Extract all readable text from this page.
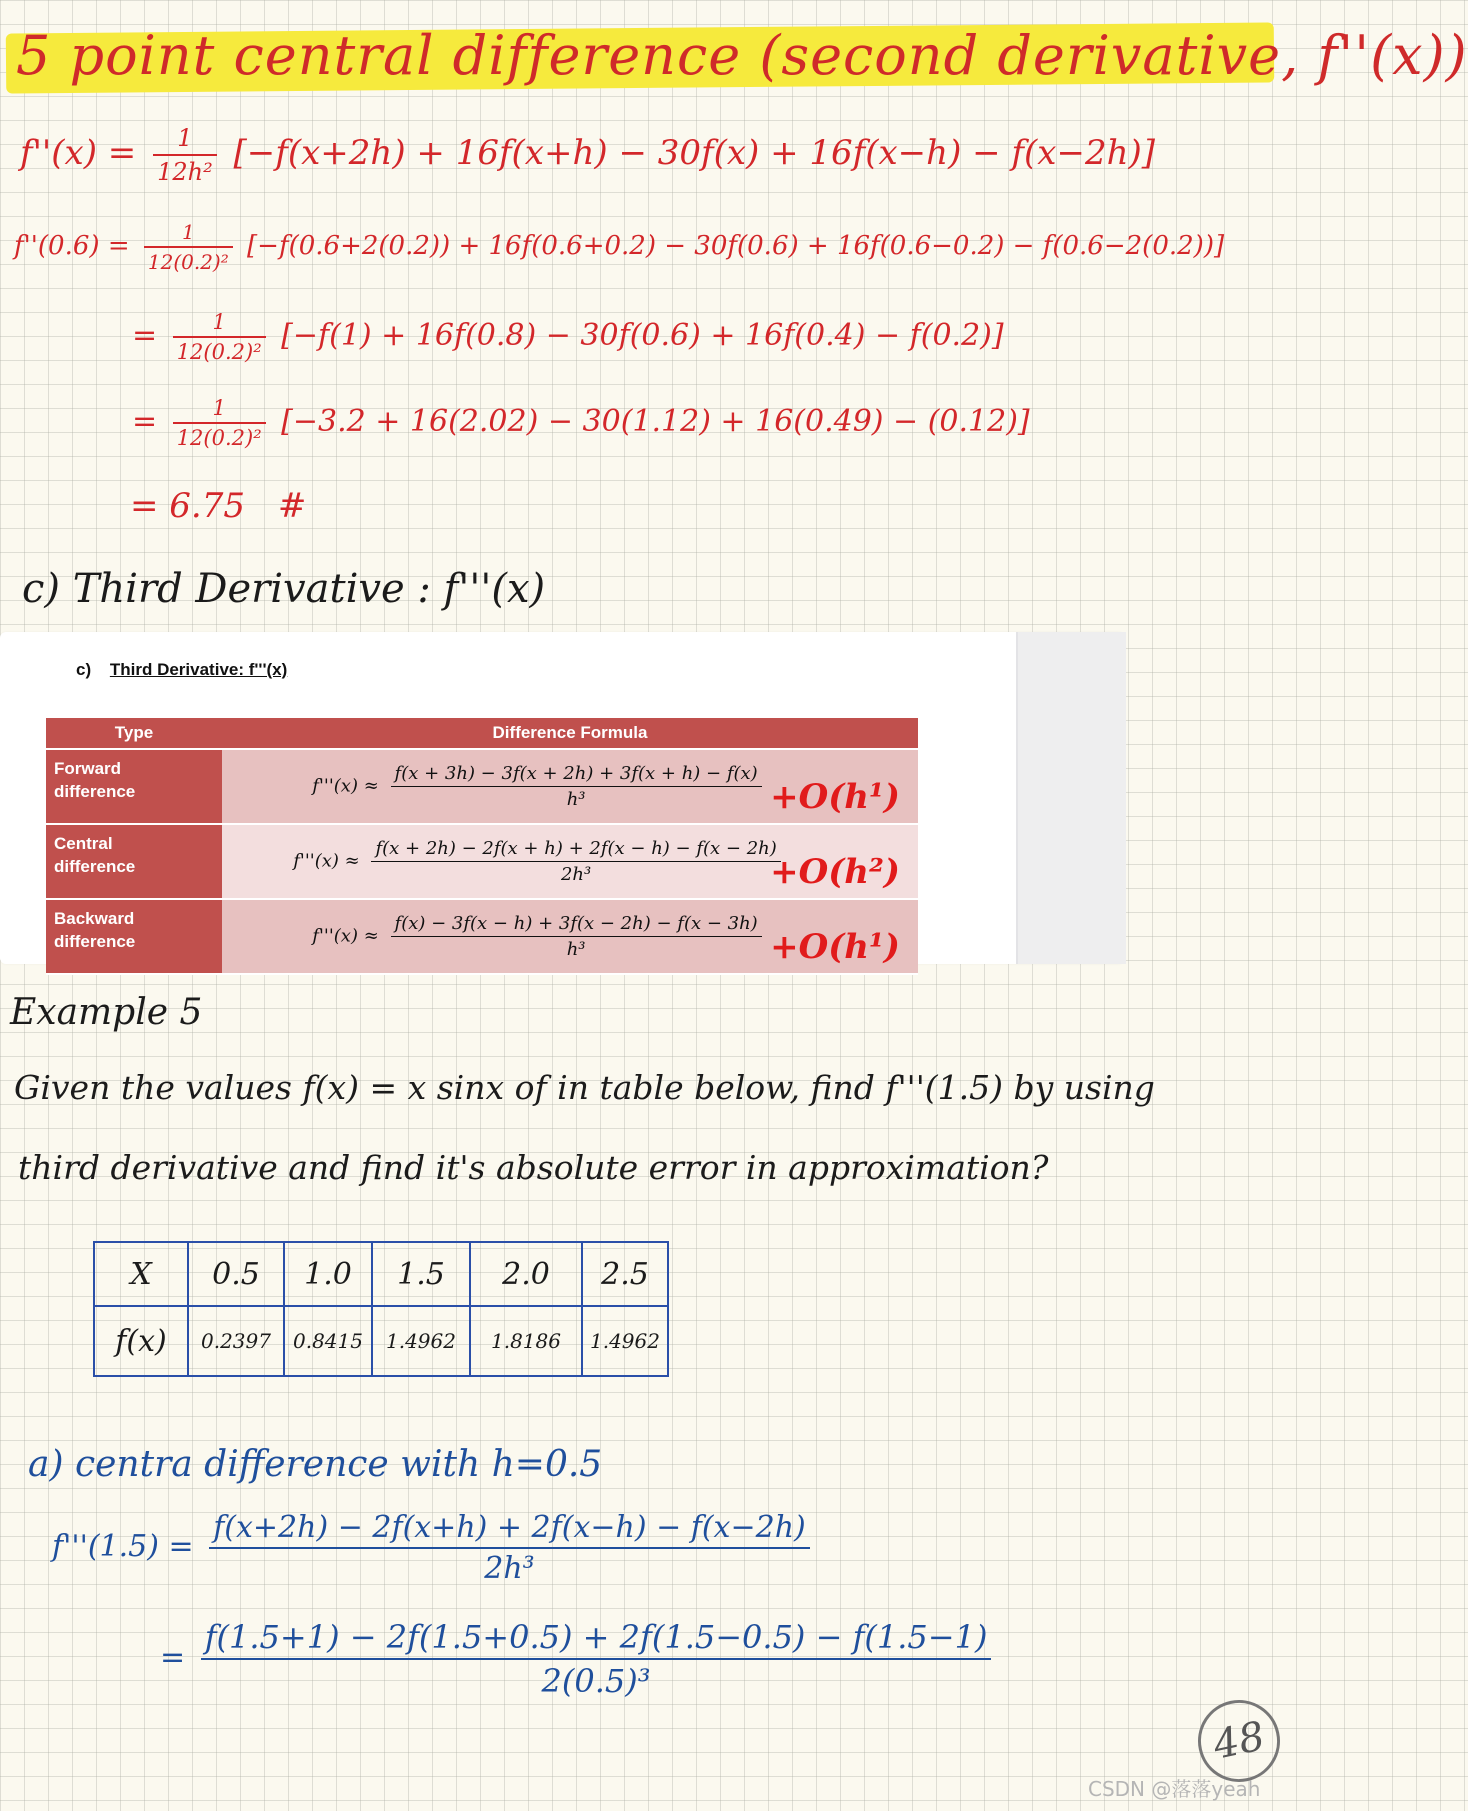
5 point central difference (second derivative, f''(x))
$f''(x) = \frac{1}{\text{12h²}} [-f(x+2h) + 16f(x+h) - 30f(x) + 16f(x-h) - f(x-2h)]$
$f''(0.6) = \frac{1}{\text{12(0.2)²}} [-f(0.6+2(0.2)) + 16f(0.6+0.2) - 30f(0.6) + 16f(0.6-0.2) - f(0.6-2(0.2))]$
= $\frac{1}{\text{12(0.2)²}} [-f(1) + 16f(0.8) - 30f(0.6) + 16f(0.4) - f(0.2)]$
= $\frac{1}{\text{12(0.2)²}} [-3.2 + 16(2.02) - 30(1.12) + 16(0.49) - (0.12)]$
= 6.75 #
c) Third Derivative : f'''(x)
c) Third Derivative: f'''(x)
Type	Difference Formula
Forward
difference	$f'''(x) \approx \frac{f(x + 3h) - 3f(x + 2h) + 3f(x + h) - f(x)}{\text{h³}} +O(h^1)$

Central
difference	$f'''(x) \approx \frac{f(x + 2h) - 2f(x + h) + 2f(x - h) - f(x - 2h)}{\text{2h³}}$
+O(h²)

Backward
difference	$f'''(x) \approx \frac{f(x) - 3f(x - h) + 3f(x - 2h) - f(x - 3h)}{\text{h³}} +O(h^1)$
Example 5
Given the values f(x) = x sinx of in table below, find f'''(1.5) by using
third derivative and find it's absolute error in approximation?
X	0.5	1.0	1.5	2.0	2.5
f(x)	0.2397	0.8415	1.4962	1.8186	1.4962
a) centra difference with h=0.5
$f'''(1.5) = \frac{f(x+2h) - 2f(x+h) + 2f(x-h) - f(x-2h)}{\text{2h³}}$
= $\frac{f(1.5+1) - 2f(1.5+0.5) + 2f(1.5-0.5) - f(1.5-1)}{\text{2(0.5)³}}$
48
CSDN @落落yeah
